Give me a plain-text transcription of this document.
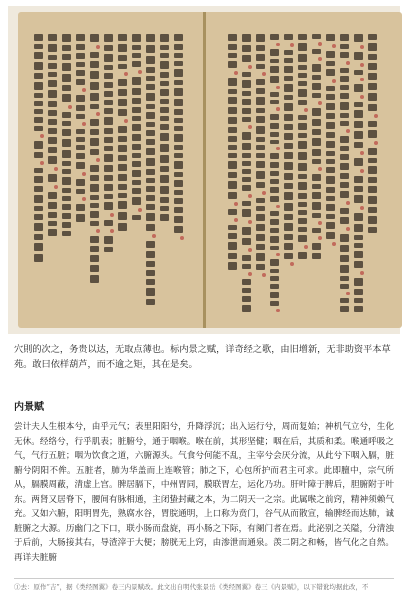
穴則的次之，务贵以达，无取点薄也。标内景之赋，详奇经之歌，由旧增新，无非助资平本草苑。敢曰依样葫芦，而不逾之矩，其在是矣。
内景赋
尝计夫人生根本兮，由乎元气；表里阳阳兮，升降浮沉；出入运行兮，周而复始；神机气立兮，生化无休。经络兮，行乎肌表；脏腑兮，通于咽喉。喉在前，其形坚健；咽在后，其质和柔。喉通呼吸之气，气行五脏；咽为饮食之道，六腑源头。气食兮何能不乱，主宰兮会厌分流，从此兮下咽入膈，脏腑兮阴阳不侔。五脏者，肺为华盖而上连喉管；肺之下，心包所护而君主可求。此即膻中，宗气所从，膈膜周蔽，清虚上宫。脾居膈下，中州胃同，膜联胃左，运化乃功。肝叶障于脾后，胆腑附于叶东。两肾又居脊下，腰间有脉相通，主闭蛰封藏之本，为二阴天一之宗。此属喉之前窍，精神须赖气充。又如六腑，阳明胃先，熟腐水谷，胃脘通明，上口称为贲门，谷气从而散宣，输脾经而达肺，诚脏腑之大源。历幽门之下口，联小肠而盘旋，再小肠之下际，有阑门者在焉。此泌别之关隘，分清浊于后前，大肠接其右，导渣滓于大便；膀胱无上窍，由渗泄而通泉。羡二阴之和畅，皆气化之自然。再详夫脏腑
①去：原作“吉”，据《类经图翼》卷三内景赋改。此文出自明代张景岳《类经图翼》卷三《内景赋》，以下错讹均据此改，不
